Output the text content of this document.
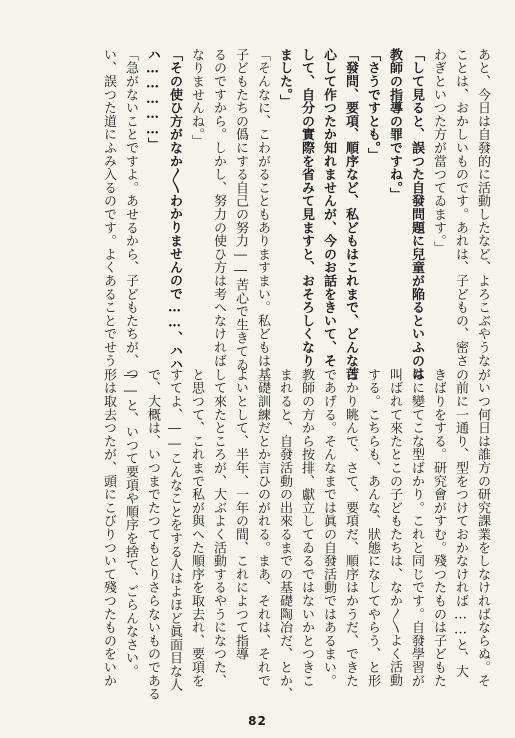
あと、今日は自發的に活動したなど、よろこぶやうな
ことは、おかしいものです。あれは、子どもの、密さ
わぎといつた方が當つてゐます。」
「して見ると、誤つた自發問題に兒童が陥るといふのは
教師の指導の罪ですね。」
「さうですとも。」
「發問、要項、順序など、私どもはこれまで、どんな苦
心して作つたか知れませんが、今のお話をきいて、そ
して、自分の實際を省みて見ますと、おそろしくなり
ました。」
「そんなに、こわがることもありますまい。私どもは、
子どもたちの僞にする自己の努力――苦心で生きてゐ
るのですから。しかし、努力の使ひ方は考へなければ
なりませんね。」
「その使ひ方がなか〳〵わかりませんので……、ハハ
ハ……………」
「急がないことですよ。あせるから、子どもたちが、つ
い、誤つた道にふみ入るのです。よくあることでせう
がいつ何日は誰方の研究課業をしなければならぬ。そ
の前に一通り、型をつけておかなければ……と、大
きばりをする。研究會がすむ。殘つたものは子どもた
ちに變てこな型ばかり。これと同じです。自發學習が
叫ばれて來たとこの子どもたちは、なか〳〵よく活動
する。こちらも、あんな、狀態になしてやらう、と形
ばかり眺んで、さて、要項だ、順序はかうだ、できた
であげる。そんなまでは眞の自發活動ではあるまい。
教師の方から按排、獻立してゐるではないかとつきこ
まれると、自發活動の出來るまでの基礎陶冶だ、とか、
基礎訓練だとか言ひのがれる。まあ、それは、それで
よいとして、半年、一年の間、これによつて指導
して來たところが、大ぶよく活動するやうになつた、
と思つて、これまで私が與へた順序を取去れ、要項を
すてよ、――こんなことをする人はよほど眞面目な人
で、大概は、いつまでたつてもとりさらないものである
――と、いつて要項や順序を捨て、ごらんなさい。
形は取去つたが、頭にこびりついて殘つたものをいか
82
